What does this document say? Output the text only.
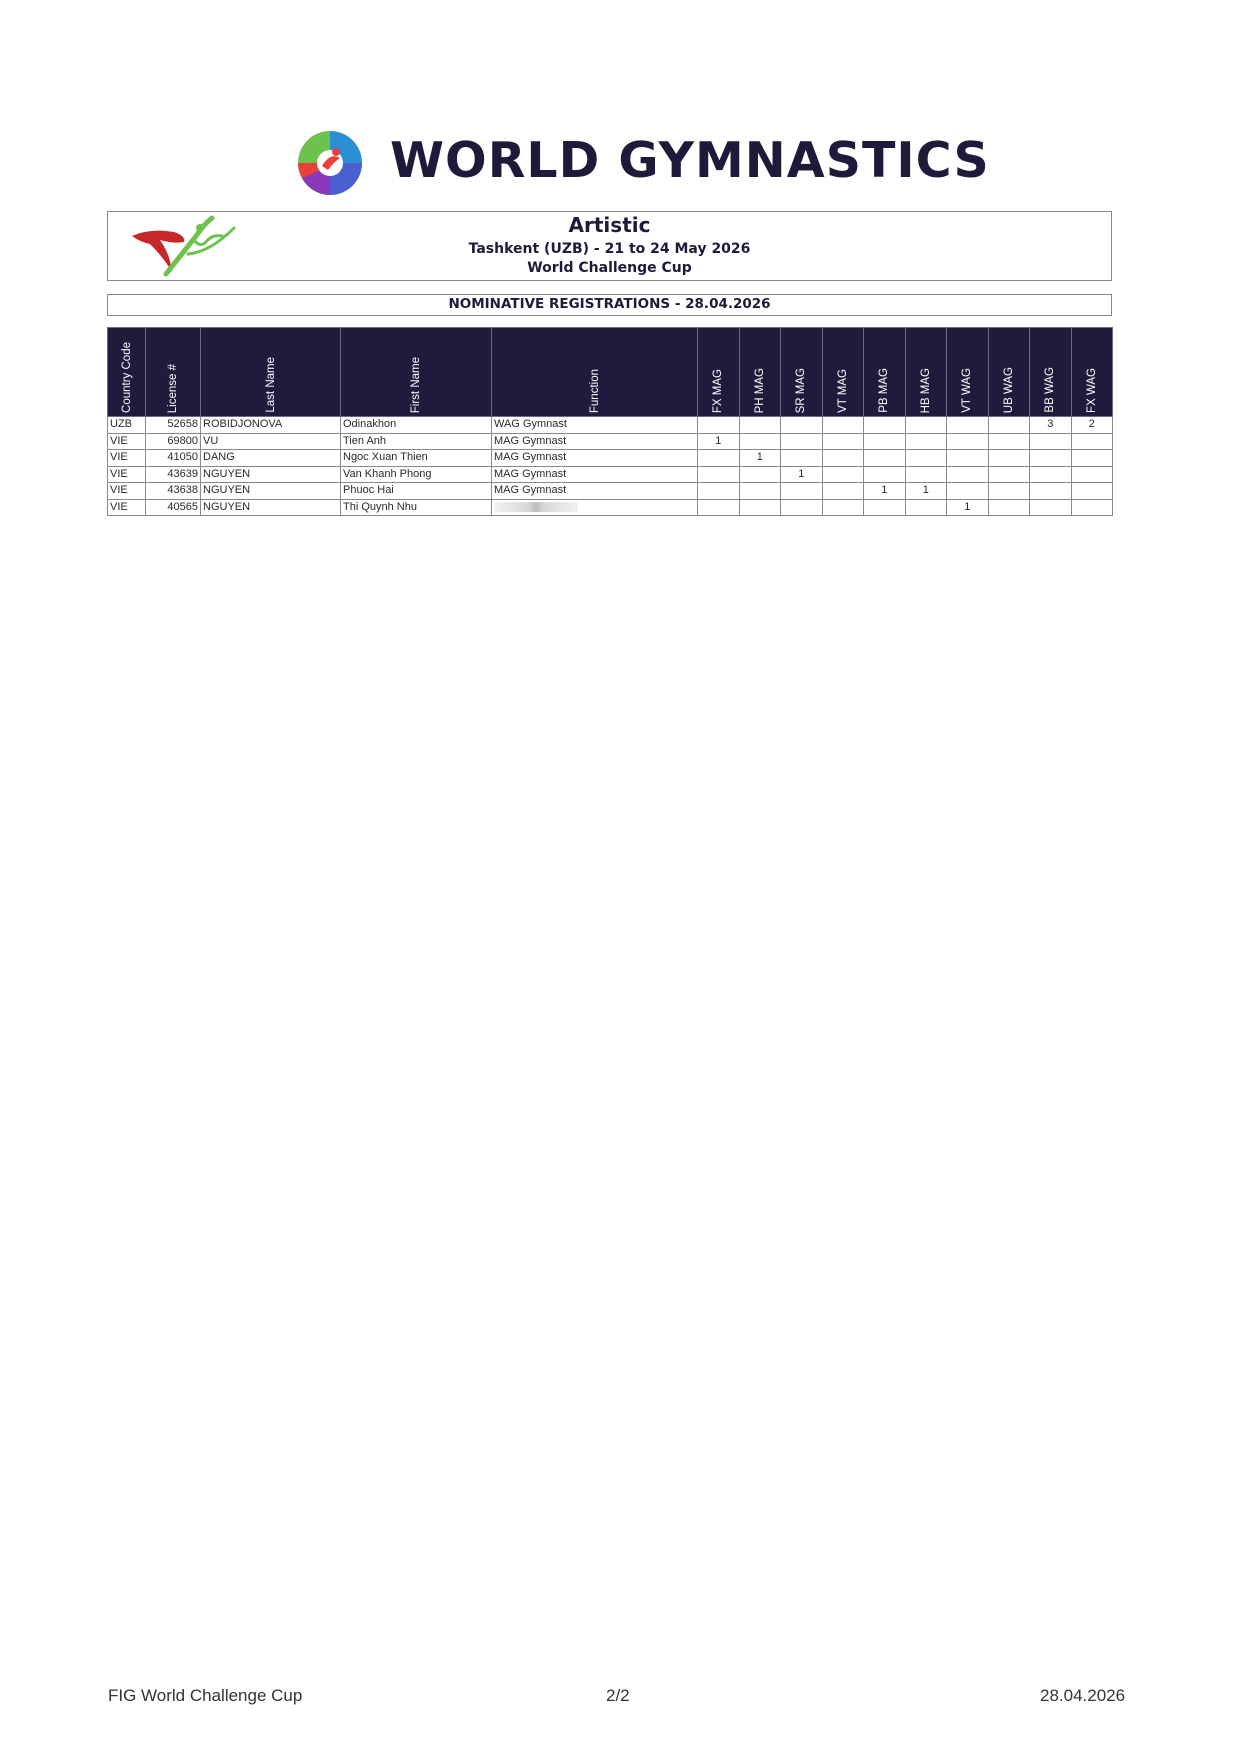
WORLD GYMNASTICS
Artistic
Tashkent (UZB) - 21 to 24 May 2026
World Challenge Cup
NOMINATIVE REGISTRATIONS - 28.04.2026
Country Code	License #	Last Name	First Name	Function	FX MAG	PH MAG	SR MAG	VT MAG	PB MAG	HB MAG	VT WAG	UB WAG	BB WAG	FX WAG
UZB	52658	ROBIDJONOVA	Odinakhon	WAG Gymnast									3	2
VIE	69800	VU	Tien Anh	MAG Gymnast	1									
VIE	41050	DANG	Ngoc Xuan Thien	MAG Gymnast		1								
VIE	43639	NGUYEN	Van Khanh Phong	MAG Gymnast			1							
VIE	43638	NGUYEN	Phuoc Hai	MAG Gymnast					1	1				
VIE	40565	NGUYEN	Thi Quynh Nhu								1			
FIG World Challenge Cup	2/2	28.04.2026
